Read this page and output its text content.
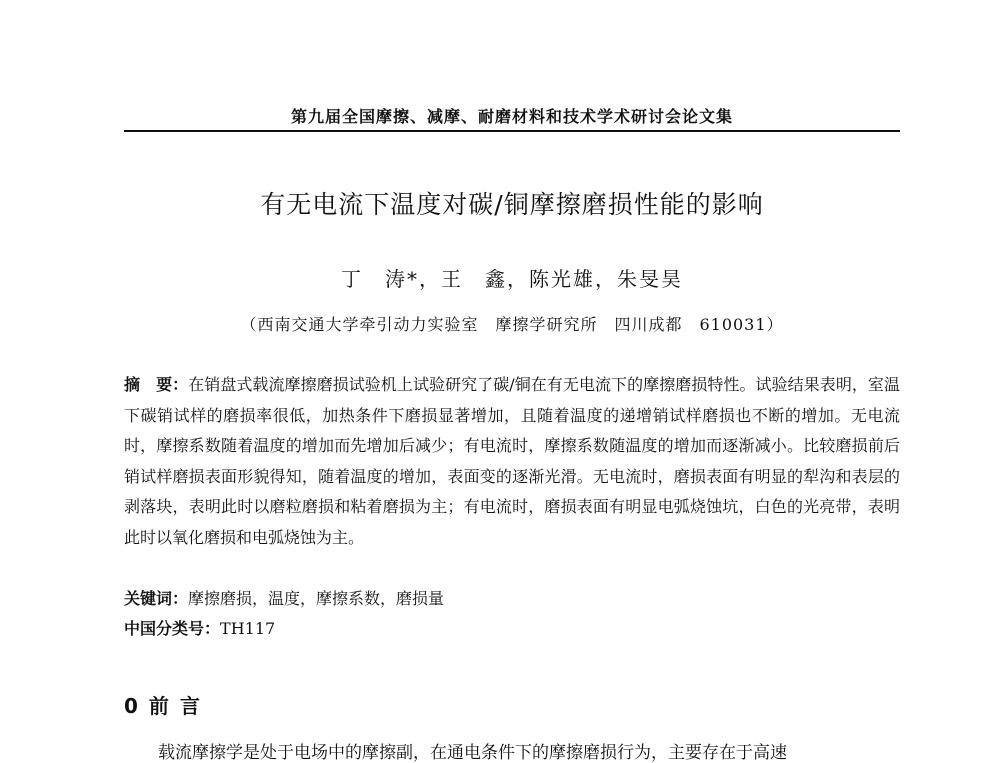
第九届全国摩擦、减摩、耐磨材料和技术学术研讨会论文集
有无电流下温度对碳/铜摩擦磨损性能的影响
丁　涛*，王　鑫，陈光雄，朱旻昊
（西南交通大学牵引动力实验室　摩擦学研究所　四川成都　610031）
摘　要：在销盘式载流摩擦磨损试验机上试验研究了碳/铜在有无电流下的摩擦磨损特性。试验结果表明，室温下碳销试样的磨损率很低，加热条件下磨损显著增加，且随着温度的递增销试样磨损也不断的增加。无电流时，摩擦系数随着温度的增加而先增加后减少；有电流时，摩擦系数随温度的增加而逐渐减小。比较磨损前后销试样磨损表面形貌得知，随着温度的增加，表面变的逐渐光滑。无电流时，磨损表面有明显的犁沟和表层的剥落块，表明此时以磨粒磨损和粘着磨损为主；有电流时，磨损表面有明显电弧烧蚀坑，白色的光亮带，表明此时以氧化磨损和电弧烧蚀为主。
关键词：摩擦磨损，温度，摩擦系数，磨损量
中国分类号：TH117
0 前 言
载流摩擦学是处于电场中的摩擦副，在通电条件下的摩擦磨损行为，主要存在于高速
